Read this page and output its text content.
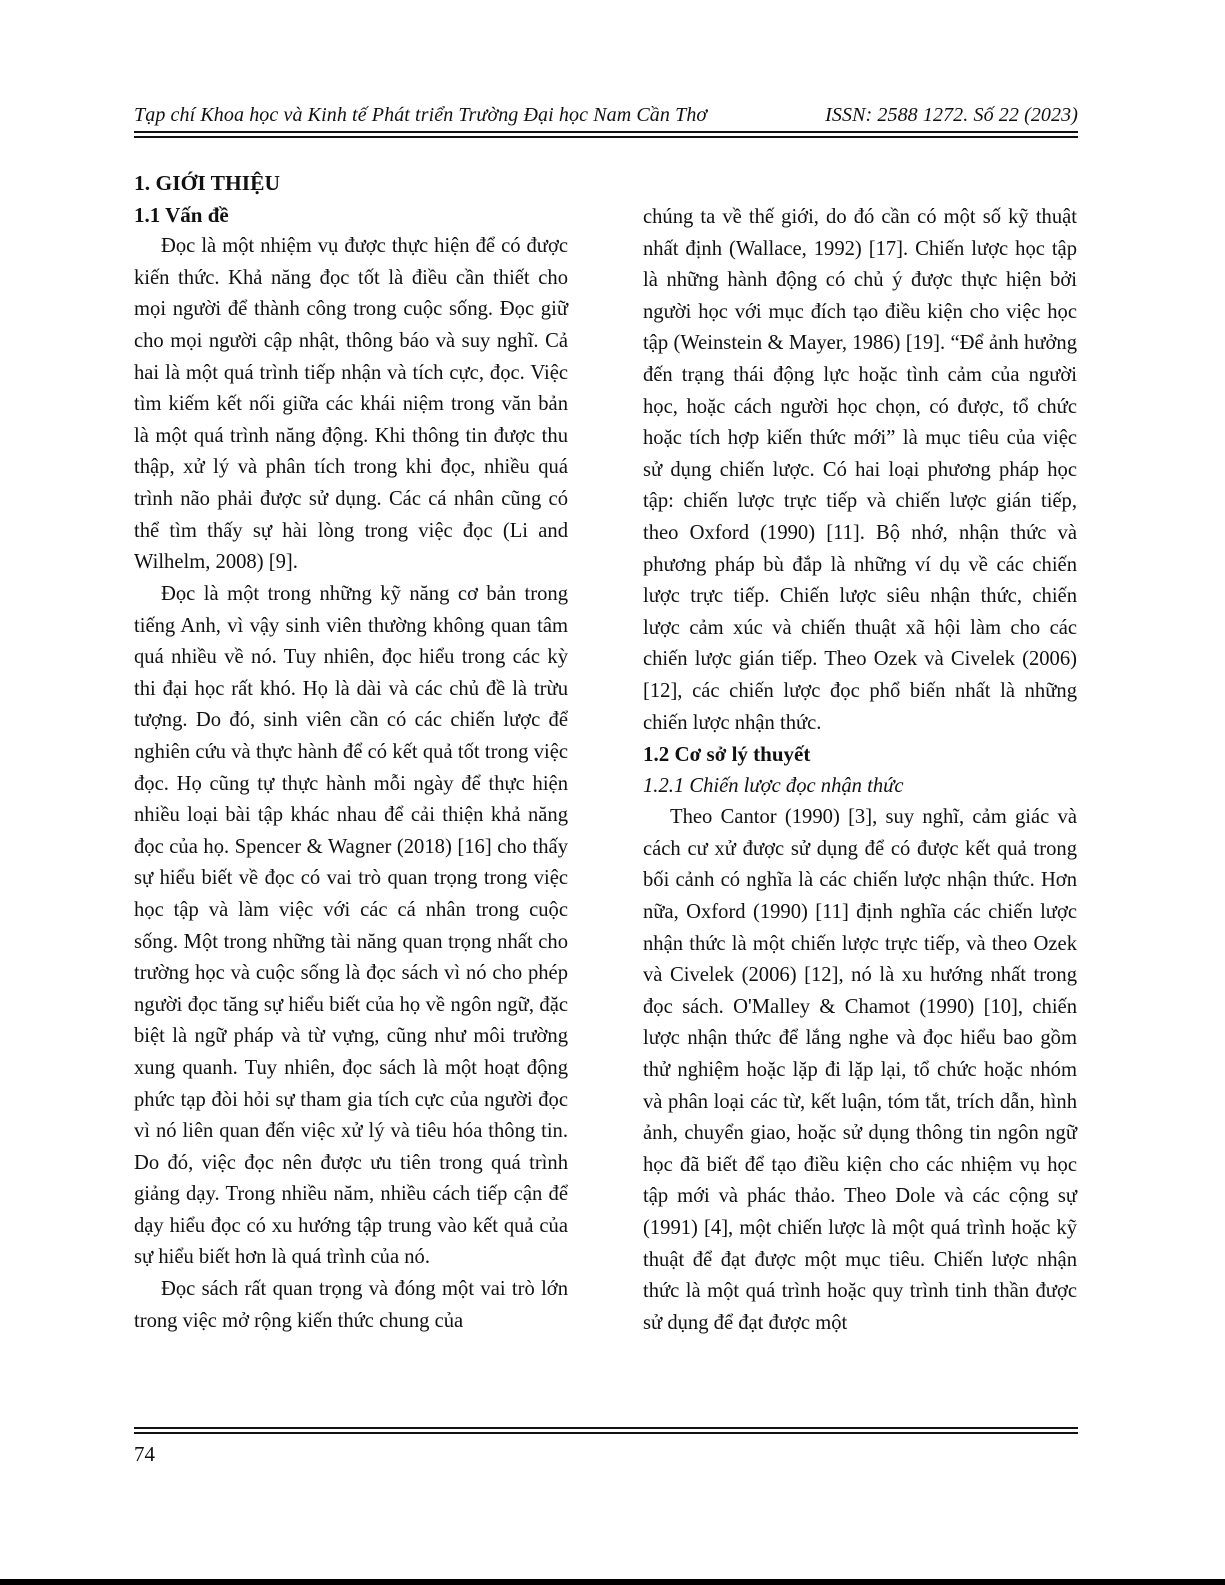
Tạp chí Khoa học và Kinh tế Phát triển Trường Đại học Nam Cần Thơ	ISSN: 2588 1272. Số 22 (2023)
1. GIỚI THIỆU
1.1 Vấn đề

Đọc là một nhiệm vụ được thực hiện để có được kiến thức. Khả năng đọc tốt là điều cần thiết cho mọi người để thành công trong cuộc sống. Đọc giữ cho mọi người cập nhật, thông báo và suy nghĩ. Cả hai là một quá trình tiếp nhận và tích cực, đọc. Việc tìm kiếm kết nối giữa các khái niệm trong văn bản là một quá trình năng động. Khi thông tin được thu thập, xử lý và phân tích trong khi đọc, nhiều quá trình não phải được sử dụng. Các cá nhân cũng có thể tìm thấy sự hài lòng trong việc đọc (Li and Wilhelm, 2008) [9].

Đọc là một trong những kỹ năng cơ bản trong tiếng Anh, vì vậy sinh viên thường không quan tâm quá nhiều về nó. Tuy nhiên, đọc hiểu trong các kỳ thi đại học rất khó. Họ là dài và các chủ đề là trừu tượng. Do đó, sinh viên cần có các chiến lược để nghiên cứu và thực hành để có kết quả tốt trong việc đọc. Họ cũng tự thực hành mỗi ngày để thực hiện nhiều loại bài tập khác nhau để cải thiện khả năng đọc của họ. Spencer & Wagner (2018) [16] cho thấy sự hiểu biết về đọc có vai trò quan trọng trong việc học tập và làm việc với các cá nhân trong cuộc sống. Một trong những tài năng quan trọng nhất cho trường học và cuộc sống là đọc sách vì nó cho phép người đọc tăng sự hiểu biết của họ về ngôn ngữ, đặc biệt là ngữ pháp và từ vựng, cũng như môi trường xung quanh. Tuy nhiên, đọc sách là một hoạt động phức tạp đòi hỏi sự tham gia tích cực của người đọc vì nó liên quan đến việc xử lý và tiêu hóa thông tin. Do đó, việc đọc nên được ưu tiên trong quá trình giảng dạy. Trong nhiều năm, nhiều cách tiếp cận để dạy hiểu đọc có xu hướng tập trung vào kết quả của sự hiểu biết hơn là quá trình của nó.

Đọc sách rất quan trọng và đóng một vai trò lớn trong việc mở rộng kiến thức chung của

chúng ta về thế giới, do đó cần có một số kỹ thuật nhất định (Wallace, 1992) [17]. Chiến lược học tập là những hành động có chủ ý được thực hiện bởi người học với mục đích tạo điều kiện cho việc học tập (Weinstein & Mayer, 1986) [19]. “Để ảnh hưởng đến trạng thái động lực hoặc tình cảm của người học, hoặc cách người học chọn, có được, tổ chức hoặc tích hợp kiến thức mới” là mục tiêu của việc sử dụng chiến lược. Có hai loại phương pháp học tập: chiến lược trực tiếp và chiến lược gián tiếp, theo Oxford (1990) [11]. Bộ nhớ, nhận thức và phương pháp bù đắp là những ví dụ về các chiến lược trực tiếp. Chiến lược siêu nhận thức, chiến lược cảm xúc và chiến thuật xã hội làm cho các chiến lược gián tiếp. Theo Ozek và Civelek (2006) [12], các chiến lược đọc phổ biến nhất là những chiến lược nhận thức.

1.2 Cơ sở lý thuyết
1.2.1 Chiến lược đọc nhận thức

Theo Cantor (1990) [3], suy nghĩ, cảm giác và cách cư xử được sử dụng để có được kết quả trong bối cảnh có nghĩa là các chiến lược nhận thức. Hơn nữa, Oxford (1990) [11] định nghĩa các chiến lược nhận thức là một chiến lược trực tiếp, và theo Ozek và Civelek (2006) [12], nó là xu hướng nhất trong đọc sách. O'Malley & Chamot (1990) [10], chiến lược nhận thức để lắng nghe và đọc hiểu bao gồm thử nghiệm hoặc lặp đi lặp lại, tổ chức hoặc nhóm và phân loại các từ, kết luận, tóm tắt, trích dẫn, hình ảnh, chuyển giao, hoặc sử dụng thông tin ngôn ngữ học đã biết để tạo điều kiện cho các nhiệm vụ học tập mới và phác thảo. Theo Dole và các cộng sự (1991) [4], một chiến lược là một quá trình hoặc kỹ thuật để đạt được một mục tiêu. Chiến lược nhận thức là một quá trình hoặc quy trình tinh thần được sử dụng để đạt được một

74
